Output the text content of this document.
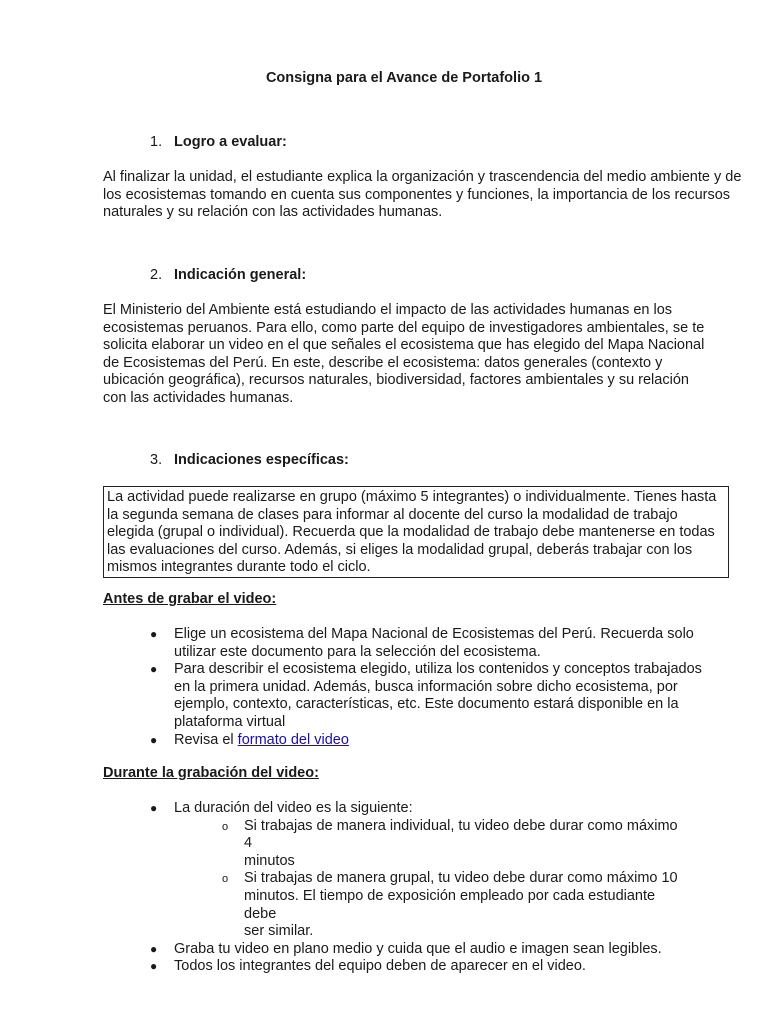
Consigna para el Avance de Portafolio 1
1. Logro a evaluar:
Al finalizar la unidad, el estudiante explica la organización y trascendencia del medio ambiente y de los ecosistemas tomando en cuenta sus componentes y funciones, la importancia de los recursos naturales y su relación con las actividades humanas.
2. Indicación general:
El Ministerio del Ambiente está estudiando el impacto de las actividades humanas en los ecosistemas peruanos. Para ello, como parte del equipo de investigadores ambientales, se te solicita elaborar un video en el que señales el ecosistema que has elegido del Mapa Nacional de Ecosistemas del Perú. En este, describe el ecosistema: datos generales (contexto y ubicación geográfica), recursos naturales, biodiversidad, factores ambientales y su relación con las actividades humanas.
3. Indicaciones específicas:
La actividad puede realizarse en grupo (máximo 5 integrantes) o individualmente. Tienes hasta la segunda semana de clases para informar al docente del curso la modalidad de trabajo elegida (grupal o individual). Recuerda que la modalidad de trabajo debe mantenerse en todas las evaluaciones del curso. Además, si eliges la modalidad grupal, deberás trabajar con los mismos integrantes durante todo el ciclo.
Antes de grabar el video:
● Elige un ecosistema del Mapa Nacional de Ecosistemas del Perú. Recuerda solo utilizar este documento para la selección del ecosistema.
● Para describir el ecosistema elegido, utiliza los contenidos y conceptos trabajados en la primera unidad. Además, busca información sobre dicho ecosistema, por ejemplo, contexto, características, etc. Este documento estará disponible en la plataforma virtual
● Revisa el formato del video
Durante la grabación del video:
● La duración del video es la siguiente:
o Si trabajas de manera individual, tu video debe durar como máximo
4
minutos
o Si trabajas de manera grupal, tu video debe durar como máximo 10 minutos. El tiempo de exposición empleado por cada estudiante
debe
ser similar.
● Graba tu video en plano medio y cuida que el audio e imagen sean legibles.
● Todos los integrantes del equipo deben de aparecer en el video.
